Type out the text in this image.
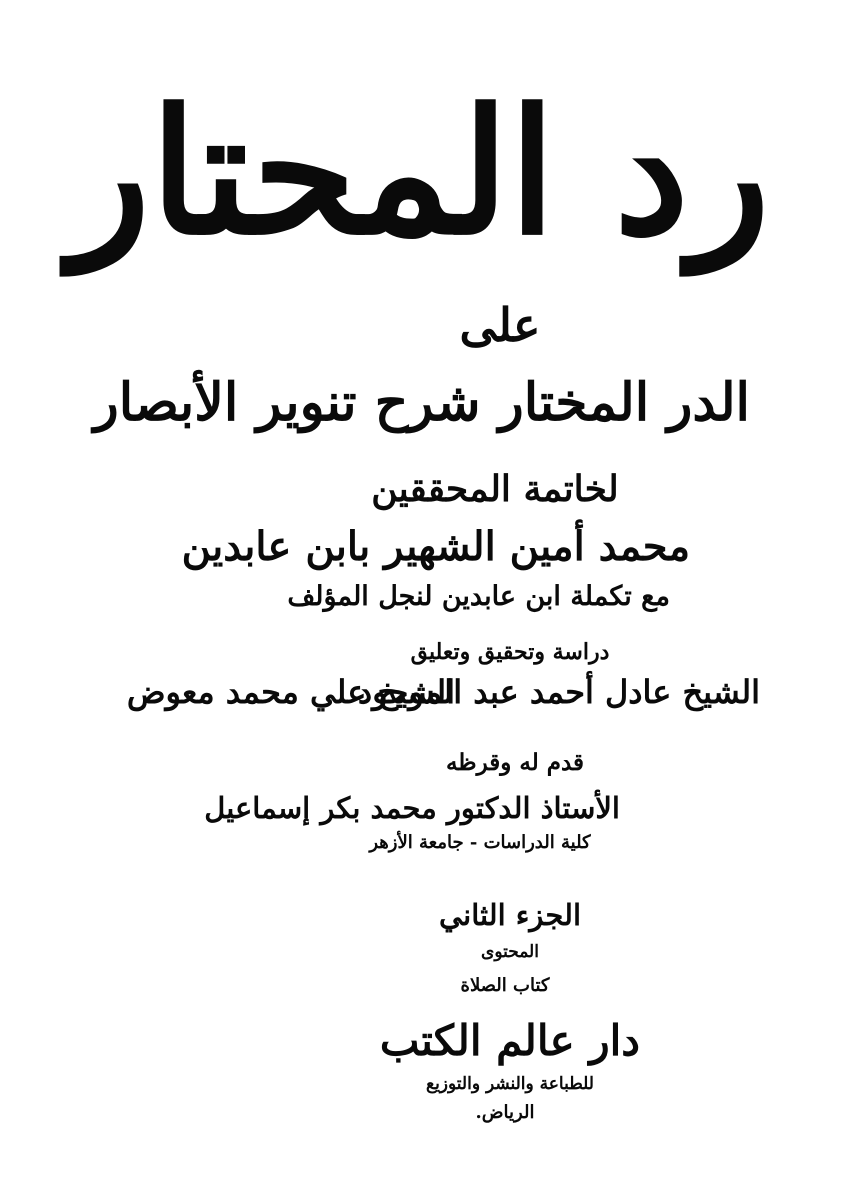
رد المحتار
على
الدر المختار شرح تنوير الأبصار
لخاتمة المحققين
محمد أمين الشهير بابن عابدين
مع تكملة ابن عابدين لنجل المؤلف
دراسة وتحقيق وتعليق
الشيخ عادل أحمد عبد الموجود
الشيخ علي محمد معوض
قدم له وقرظه
الأستاذ الدكتور محمد بكر إسماعيل
كلية الدراسات - جامعة الأزهر
الجزء الثاني
المحتوى
كتاب الصلاة
دار عالم الكتب
للطباعة والنشر والتوزيع
الرياض.
